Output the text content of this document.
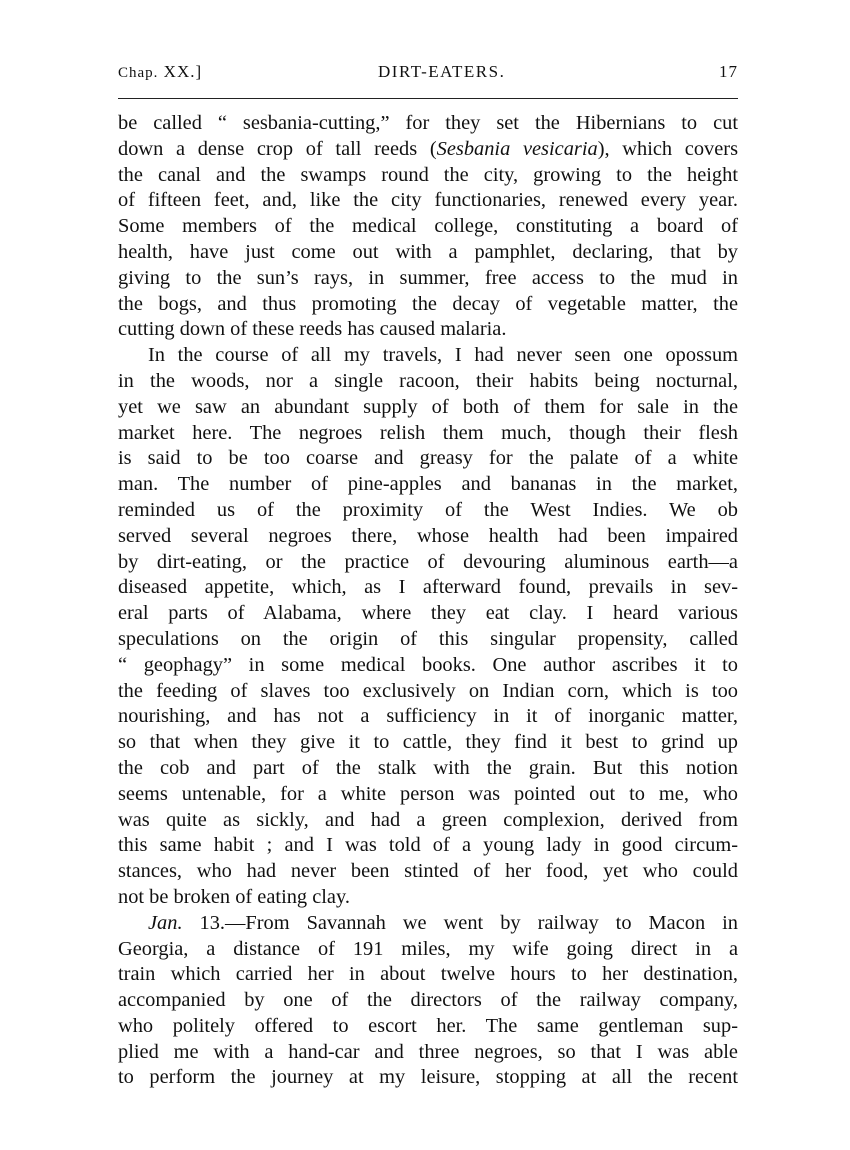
Chap. XX.]	DIRT-EATERS.	17
be called “ sesbania-cutting,” for they set the Hibernians to cut
down a dense crop of tall reeds (Sesbania vesicaria), which covers
the canal and the swamps round the city, growing to the height
of fifteen feet, and, like the city functionaries, renewed every year.
Some members of the medical college, constituting a board of
health, have just come out with a pamphlet, declaring, that by
giving to the sun’s rays, in summer, free access to the mud in
the bogs, and thus promoting the decay of vegetable matter, the
cutting down of these reeds has caused malaria.
In the course of all my travels, I had never seen one opossum
in the woods, nor a single racoon, their habits being nocturnal,
yet we saw an abundant supply of both of them for sale in the
market here. The negroes relish them much, though their flesh
is said to be too coarse and greasy for the palate of a white
man. The number of pine-apples and bananas in the market,
reminded us of the proximity of the West Indies. We ob
served several negroes there, whose health had been impaired
by dirt-eating, or the practice of devouring aluminous earth—a
diseased appetite, which, as I afterward found, prevails in sev-
eral parts of Alabama, where they eat clay. I heard various
speculations on the origin of this singular propensity, called
“ geophagy” in some medical books. One author ascribes it to
the feeding of slaves too exclusively on Indian corn, which is too
nourishing, and has not a sufficiency in it of inorganic matter,
so that when they give it to cattle, they find it best to grind up
the cob and part of the stalk with the grain. But this notion
seems untenable, for a white person was pointed out to me, who
was quite as sickly, and had a green complexion, derived from
this same habit ; and I was told of a young lady in good circum-
stances, who had never been stinted of her food, yet who could
not be broken of eating clay.
Jan. 13.—From Savannah we went by railway to Macon in
Georgia, a distance of 191 miles, my wife going direct in a
train which carried her in about twelve hours to her destination,
accompanied by one of the directors of the railway company,
who politely offered to escort her. The same gentleman sup-
plied me with a hand-car and three negroes, so that I was able
to perform the journey at my leisure, stopping at all the recent
